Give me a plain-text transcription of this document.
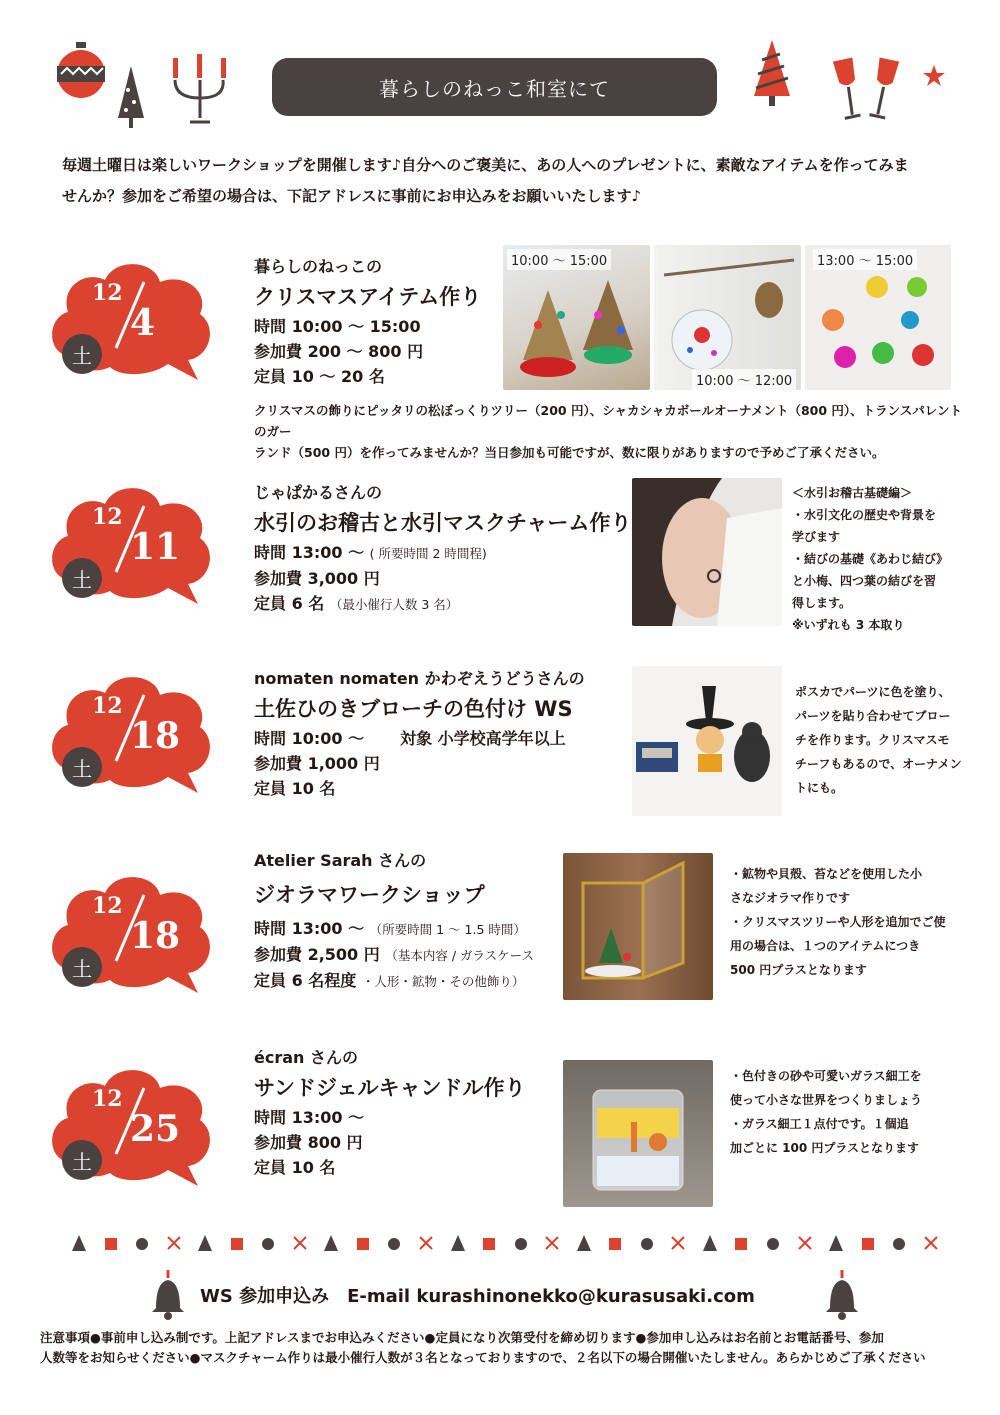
暮らしのねっこ和室にて
毎週土曜日は楽しいワークショップを開催します♪自分へのご褒美に、あの人へのプレゼントに、素敵なアイテムを作ってみま
せんか？参加をご希望の場合は、下記アドレスに事前にお申込みをお願いいたします♪
12
4
土
暮らしのねっこの
クリスマスアイテム作り
時間 10:00 ～ 15:00
参加費 200 ～ 800 円
定員 10 ～ 20 名
10:00 ～ 15:00
10:00 ～ 12:00
13:00 ～ 15:00
クリスマスの飾りにピッタリの松ぼっくりツリー（200 円）、シャカシャカボールオーナメント（800 円）、トランスパレントのガー
ランド（500 円）を作ってみませんか？当日参加も可能ですが、数に限りがありますので予めご了承ください。
12
11
土
じゃぱかるさんの
水引のお稽古と水引マスクチャーム作り
時間 13:00 ～ ( 所要時間 2 時間程)
参加費 3,000 円
定員 6 名 （最小催行人数 3 名）
＜水引お稽古基礎編＞
・水引文化の歴史や背景を
学びます
・結びの基礎《あわじ結び》
と小梅、四つ葉の結びを習
得します。
※いずれも 3 本取り
12
18
土
nomaten nomaten かわぞえうどうさんの
土佐ひのきブローチの色付け WS
時間 10:00 ～ 対象 小学校高学年以上
参加費 1,000 円
定員 10 名
ポスカでパーツに色を塗り、
パーツを貼り合わせてブロー
チを作ります。クリスマスモ
チーフもあるので、オーナメン
トにも。
12
18
土
Atelier Sarah さんの
ジオラマワークショップ
時間 13:00 ～ （所要時間 1 ～ 1.5 時間）
参加費 2,500 円 （基本内容 / ガラスケース
定員 6 名程度 ・人形・鉱物・その他飾り）
・鉱物や貝殻、苔などを使用した小
さなジオラマ作りです
・クリスマスツリーや人形を追加でご使
用の場合は、１つのアイテムにつき
500 円プラスとなります
12
25
土
écran さんの
サンドジェルキャンドル作り
時間 13:00 ～
参加費 800 円
定員 10 名
・色付きの砂や可愛いガラス細工を
使って小さな世界をつくりましょう
・ガラス細工１点付です。１個追
加ごとに 100 円プラスとなります
WS 参加申込み　E-mail kurashinonekko@kurasusaki.com
注意事項●事前申し込み制です。上記アドレスまでお申込みください●定員になり次第受付を締め切ります●参加申し込みはお名前とお電話番号、参加
人数等をお知らせください●マスクチャーム作りは最小催行人数が３名となっておりますので、２名以下の場合開催いたしません。あらかじめご了承ください
